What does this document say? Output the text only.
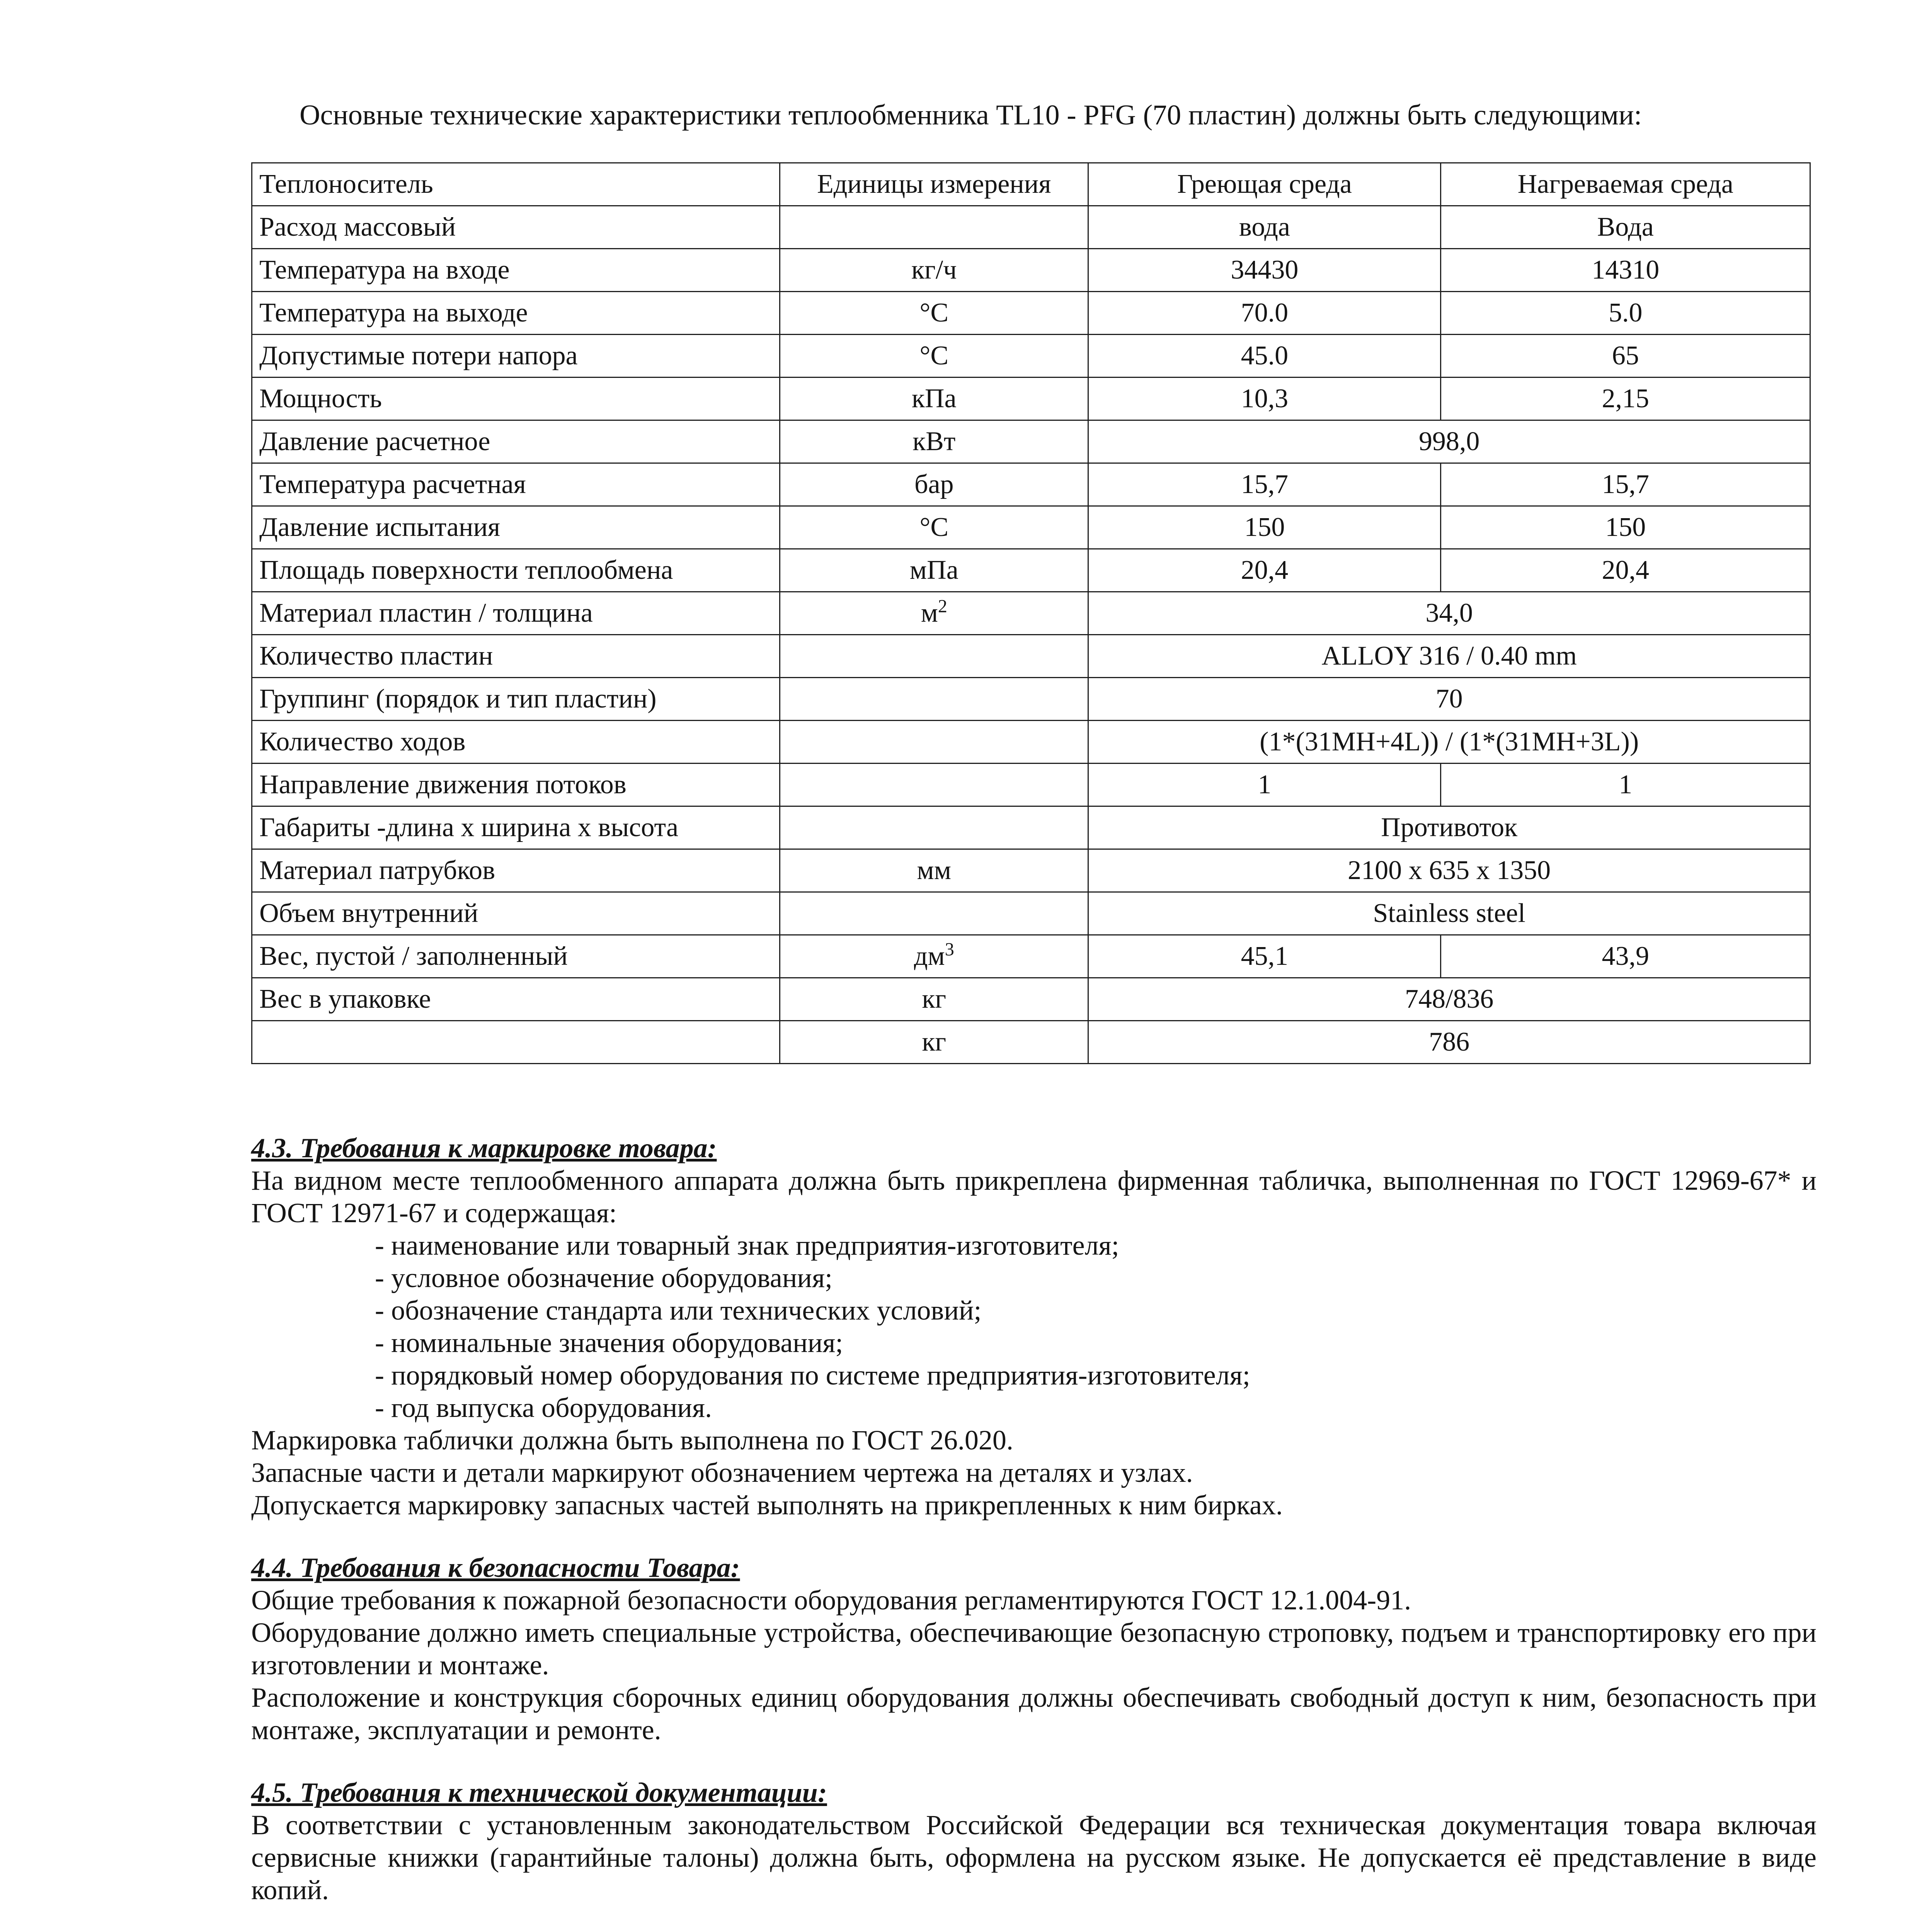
Основные технические характеристики теплообменника TL10 - PFG (70 пластин) должны быть следующими:

Теплоноситель	Единицы измерения	Греющая среда	Нагреваемая среда
Расход массовый		вода	Вода
Температура на входе	кг/ч	34430	14310
Температура на выходе	°С	70.0	5.0
Допустимые потери напора	°С	45.0	65
Мощность	кПа	10,3	2,15
Давление расчетное	кВт	998,0	
Температура расчетная	бар	15,7	15,7
Давление испытания	°С	150	150
Площадь поверхности теплообмена	мПа	20,4	20,4
Материал пластин / толщина	$м^2$	34,0	
Количество пластин		ALLOY 316 / 0.40 mm	
Группинг (порядок и тип пластин)		70	
Количество ходов		(1*(31MH+4L)) / (1*(31MH+3L))	
Направление движения потоков		1	1
Габариты -длина х ширина х высота		Противоток	
Материал патрубков	мм	2100 x 635 x 1350	
Объем внутренний		Stainless steel	
Вес, пустой / заполненный	$дм^3$	45,1	43,9
Вес в упаковке	кг	748/836	
	кг	786	

4.3. Требования к маркировке товара:

На видном месте теплообменного аппарата должна быть прикреплена фирменная табличка, выполненная по ГОСТ 12969-67* и ГОСТ 12971-67 и содержащая:

- наименование или товарный знак предприятия-изготовителя;
- условное обозначение оборудования;
- обозначение стандарта или технических условий;
- номинальные значения оборудования;
- порядковый номер оборудования по системе предприятия-изготовителя;
- год выпуска оборудования.

Маркировка таблички должна быть выполнена по ГОСТ 26.020.

Запасные части и детали маркируют обозначением чертежа на деталях и узлах.

Допускается маркировку запасных частей выполнять на прикрепленных к ним бирках.

4.4. Требования к безопасности Товара:

Общие требования к пожарной безопасности оборудования регламентируются ГОСТ 12.1.004-91.

Оборудование должно иметь специальные устройства, обеспечивающие безопасную строповку, подъем и транспортировку его при изготовлении и монтаже.

Расположение и конструкция сборочных единиц оборудования должны обеспечивать свободный доступ к ним, безопасность при монтаже, эксплуатации и ремонте.

4.5. Требования к технической документации:

В соответствии с установленным законодательством Российской Федерации вся техническая документация товара включая сервисные книжки (гарантийные талоны) должна быть, оформлена на русском языке. Не допускается её представление в виде копий.
